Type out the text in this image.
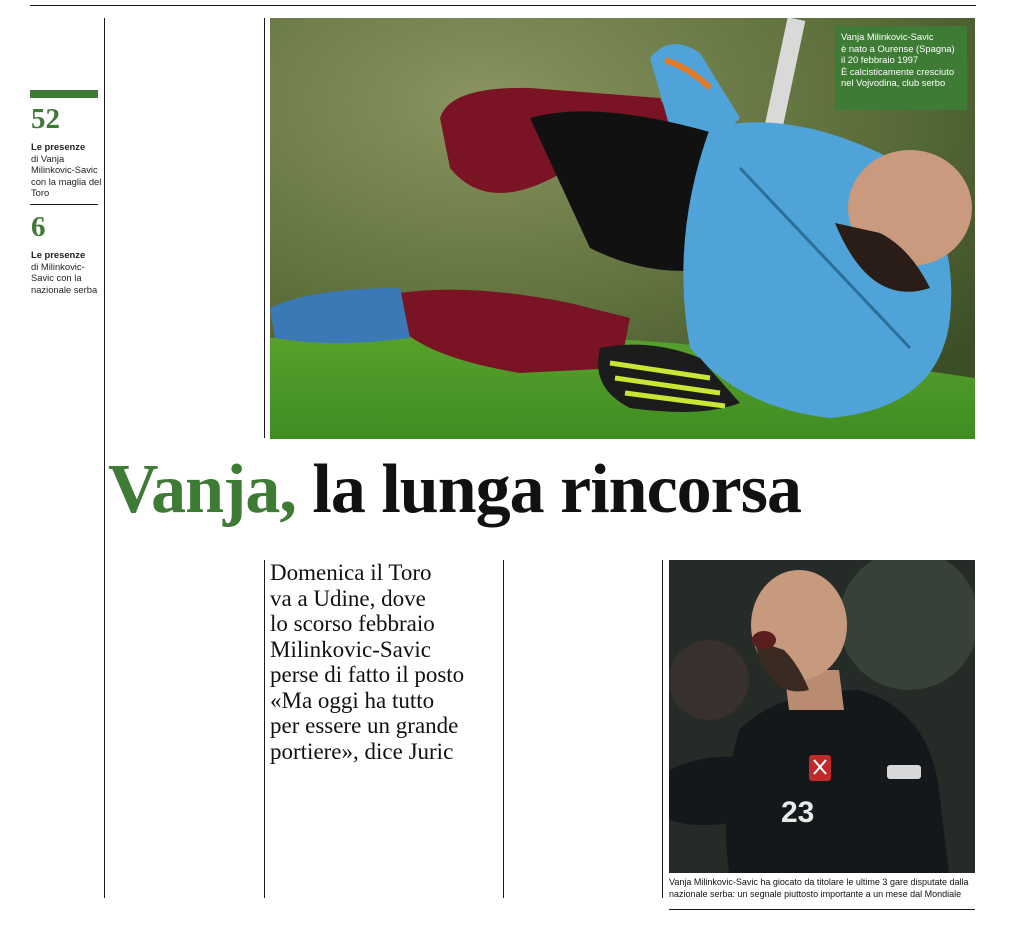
52
Le presenze
di Vanja Milinkovic-Savic con la maglia del Toro
6
Le presenze
di Milinkovic-Savic con la nazionale serba
Vanja Milinkovic-Savic
è nato a Ourense (Spagna)
il 20 febbraio 1997
È calcisticamente cresciuto
nel Vojvodina, club serbo
Vanja, la lunga rincorsa
Domenica il Toro
va a Udine, dove
lo scorso febbraio
Milinkovic-Savic
perse di fatto il posto
«Ma oggi ha tutto
per essere un grande
portiere», dice Juric
23
Vanja Milinkovic-Savic ha giocato da titolare le ultime 3 gare disputate dalla
nazionale serba: un segnale piuttosto importante a un mese dal Mondiale
